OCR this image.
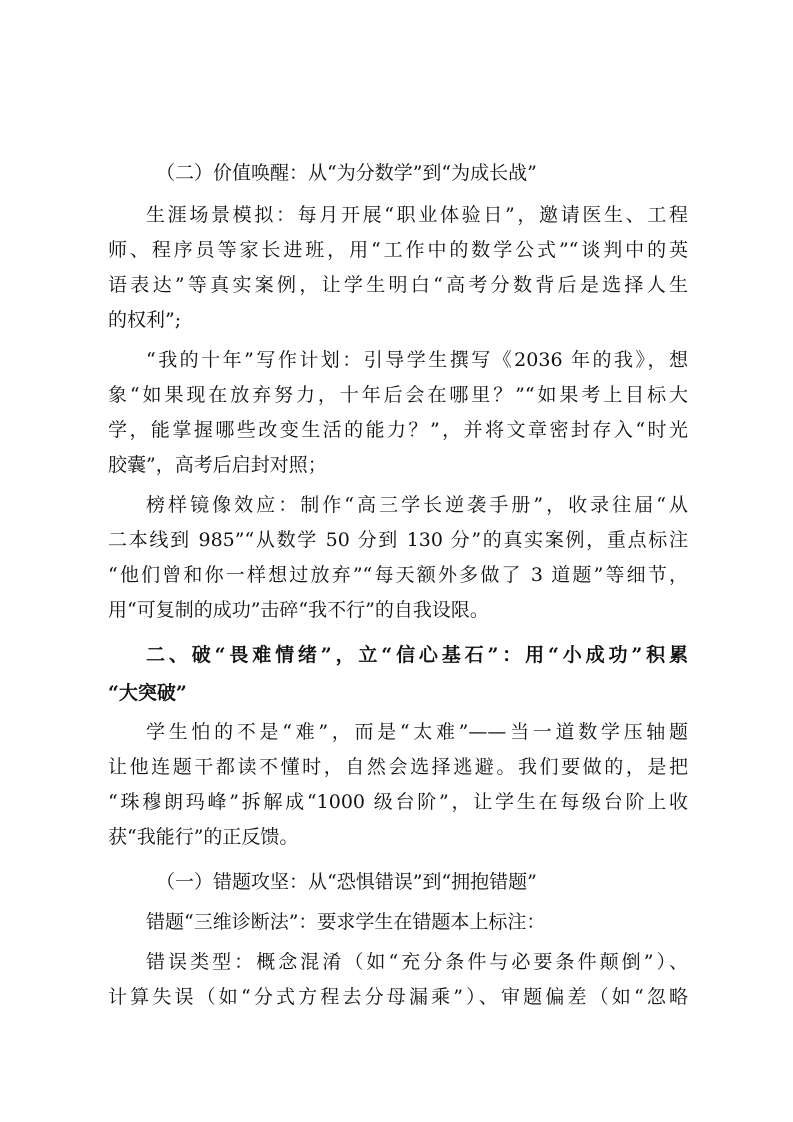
（二）价值唤醒：从“为分数学”到“为成长战”
生涯场景模拟：每月开展“职业体验日”，邀请医生、工程
师、程序员等家长进班，用“工作中的数学公式”“谈判中的英
语表达”等真实案例，让学生明白“高考分数背后是选择人生
的权利”;
“我的十年”写作计划：引导学生撰写《2036 年的我》，想
象“如果现在放弃努力，十年后会在哪里？”“如果考上目标大
学，能掌握哪些改变生活的能力？”，并将文章密封存入“时光
胶囊”，高考后启封对照；
榜样镜像效应：制作“高三学长逆袭手册”，收录往届“从
二本线到 985”“从数学 50 分到 130 分”的真实案例，重点标注
“他们曾和你一样想过放弃”“每天额外多做了 3 道题”等细节，
用“可复制的成功”击碎“我不行”的自我设限。
二、破“畏难情绪”，立“信心基石”：用“小成功”积累
“大突破”
学生怕的不是“难”，而是“太难”——当一道数学压轴题
让他连题干都读不懂时，自然会选择逃避。我们要做的，是把
“珠穆朗玛峰”拆解成“1000 级台阶”，让学生在每级台阶上收
获“我能行”的正反馈。
（一）错题攻坚：从“恐惧错误”到“拥抱错题”
错题“三维诊断法”：要求学生在错题本上标注：
错误类型：概念混淆（如“充分条件与必要条件颠倒”）、
计算失误（如“分式方程去分母漏乘”）、审题偏差（如“忽略
